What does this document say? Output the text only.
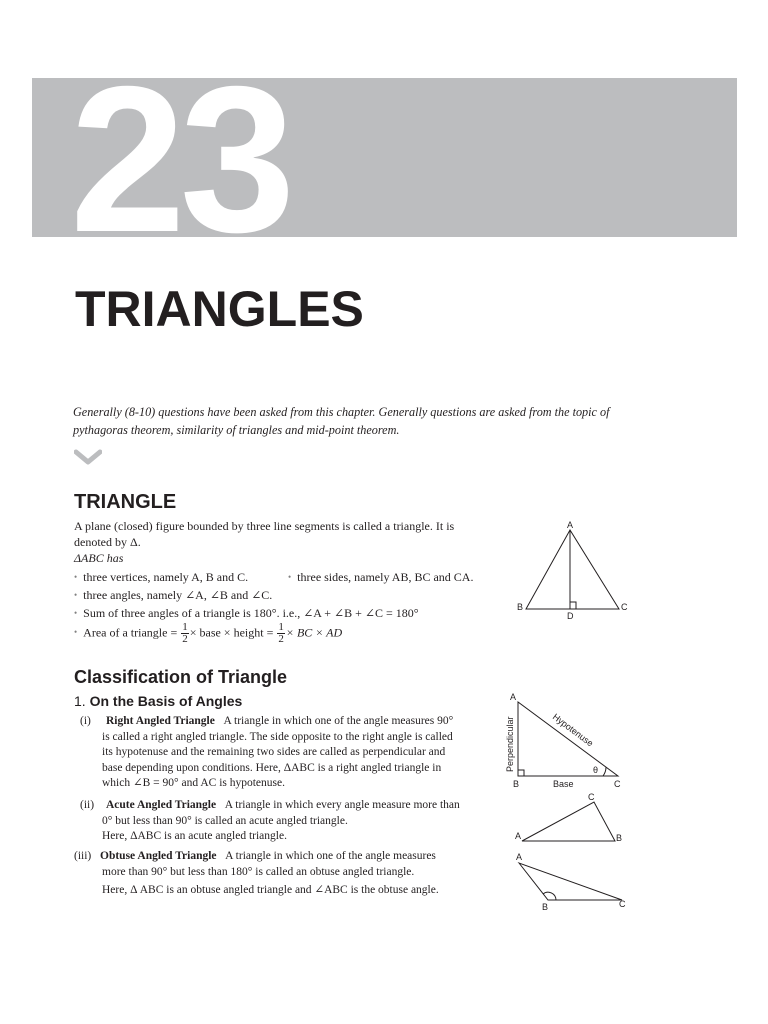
23
TRIANGLES
Generally (8-10) questions have been asked from this chapter. Generally questions are asked from the topic of pythagoras theorem, similarity of triangles and mid-point theorem.
TRIANGLE
A plane (closed) figure bounded by three line segments is called a triangle. It is
denoted by Δ.
ΔABC has
• three vertices, namely A, B and C.	• three sides, namely AB, BC and CA.
• three angles, namely ∠A, ∠B and ∠C.
• Sum of three angles of a triangle is 180°. i.e., ∠A + ∠B + ∠C = 180°
• Area of a triangle = $\frac{1}{2}$ × base × height = $\frac{1}{2}$ × BC × AD
A
B	C
D
Classification of Triangle
1. On the Basis of Angles
(i) Right Angled Triangle A triangle in which one of the angle measures 90°
is called a right angled triangle. The side opposite to the right angle is called
its hypotenuse and the remaining two sides are called as perpendicular and
base depending upon conditions. Here, ΔABC is a right angled triangle in
which ∠B = 90° and AC is hypotenuse.
(ii) Acute Angled Triangle A triangle in which every angle measure more than
0° but less than 90° is called an acute angled triangle.
Here, ΔABC is an acute angled triangle.
(iii) Obtuse Angled Triangle A triangle in which one of the angle measures
more than 90° but less than 180° is called an obtuse angled triangle.
Here, Δ ABC is an obtuse angled triangle and ∠ABC is the obtuse angle.
A
B	C
Perpendicular	Hypotenuse
Base
θ
C
A	B
A
B	C
